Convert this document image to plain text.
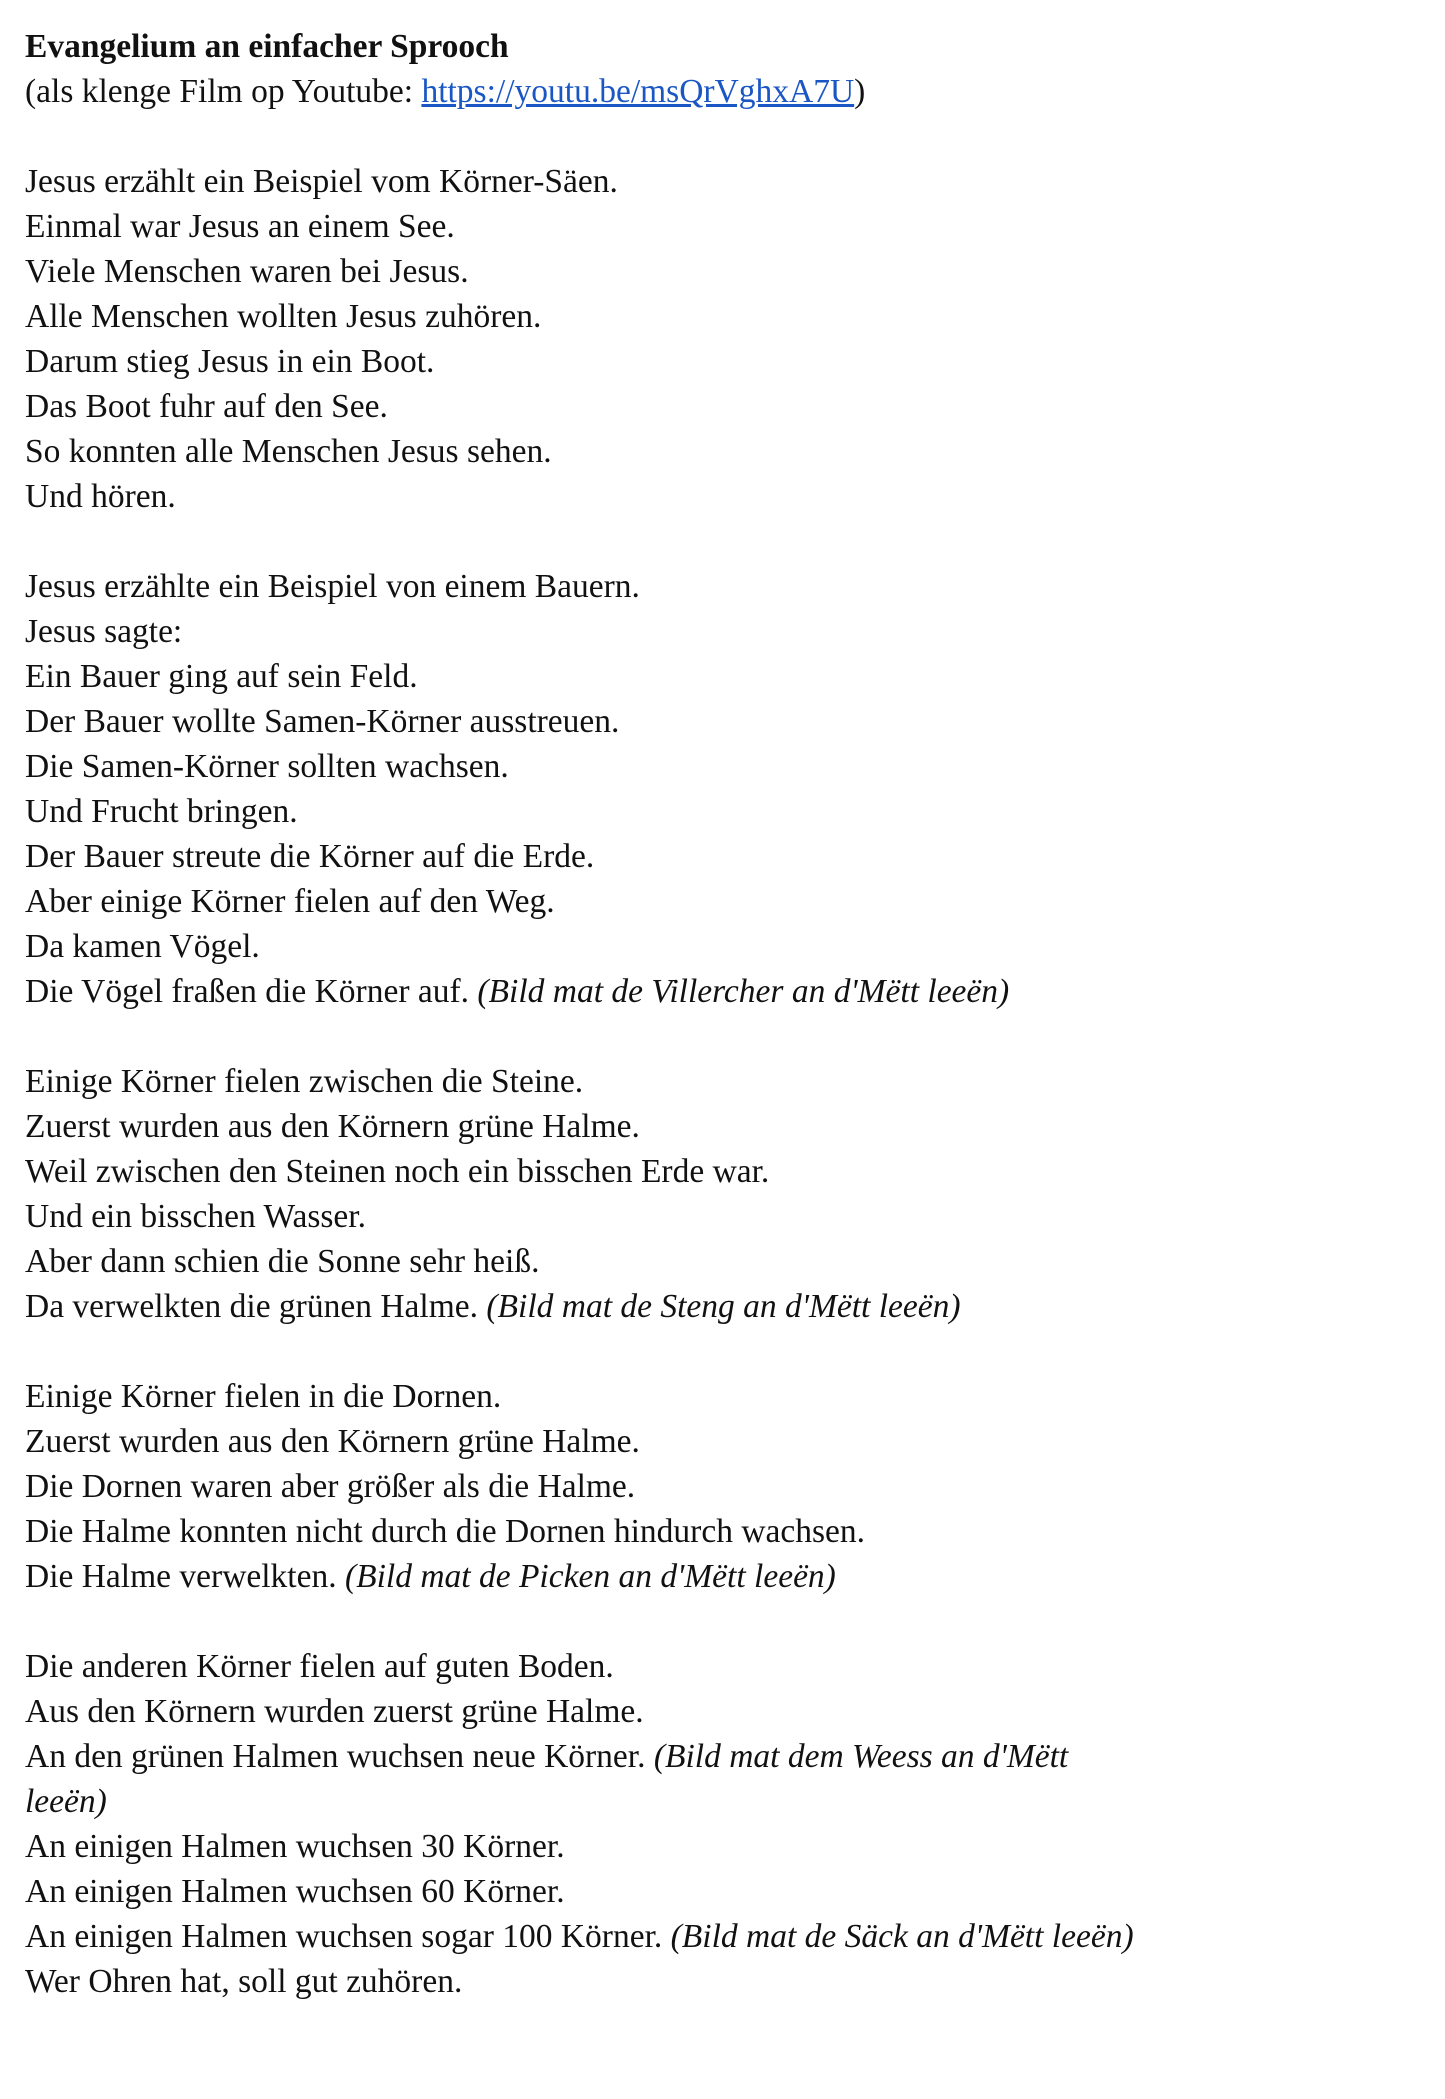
Evangelium an einfacher Sprooch
(als klenge Film op Youtube: https://youtu.be/msQrVghxA7U)
Jesus erzählt ein Beispiel vom Körner-Säen.
Einmal war Jesus an einem See.
Viele Menschen waren bei Jesus.
Alle Menschen wollten Jesus zuhören.
Darum stieg Jesus in ein Boot.
Das Boot fuhr auf den See.
So konnten alle Menschen Jesus sehen.
Und hören.
Jesus erzählte ein Beispiel von einem Bauern.
Jesus sagte:
Ein Bauer ging auf sein Feld.
Der Bauer wollte Samen-Körner ausstreuen.
Die Samen-Körner sollten wachsen.
Und Frucht bringen.
Der Bauer streute die Körner auf die Erde.
Aber einige Körner fielen auf den Weg.
Da kamen Vögel.
Die Vögel fraßen die Körner auf. (Bild mat de Villercher an d'Mëtt leeën)
Einige Körner fielen zwischen die Steine.
Zuerst wurden aus den Körnern grüne Halme.
Weil zwischen den Steinen noch ein bisschen Erde war.
Und ein bisschen Wasser.
Aber dann schien die Sonne sehr heiß.
Da verwelkten die grünen Halme. (Bild mat de Steng an d'Mëtt leeën)
Einige Körner fielen in die Dornen.
Zuerst wurden aus den Körnern grüne Halme.
Die Dornen waren aber größer als die Halme.
Die Halme konnten nicht durch die Dornen hindurch wachsen.
Die Halme verwelkten. (Bild mat de Picken an d'Mëtt leeën)
Die anderen Körner fielen auf guten Boden.
Aus den Körnern wurden zuerst grüne Halme.
An den grünen Halmen wuchsen neue Körner. (Bild mat dem Weess an d'Mëtt
leeën)
An einigen Halmen wuchsen 30 Körner.
An einigen Halmen wuchsen 60 Körner.
An einigen Halmen wuchsen sogar 100 Körner. (Bild mat de Säck an d'Mëtt leeën)
Wer Ohren hat, soll gut zuhören.
